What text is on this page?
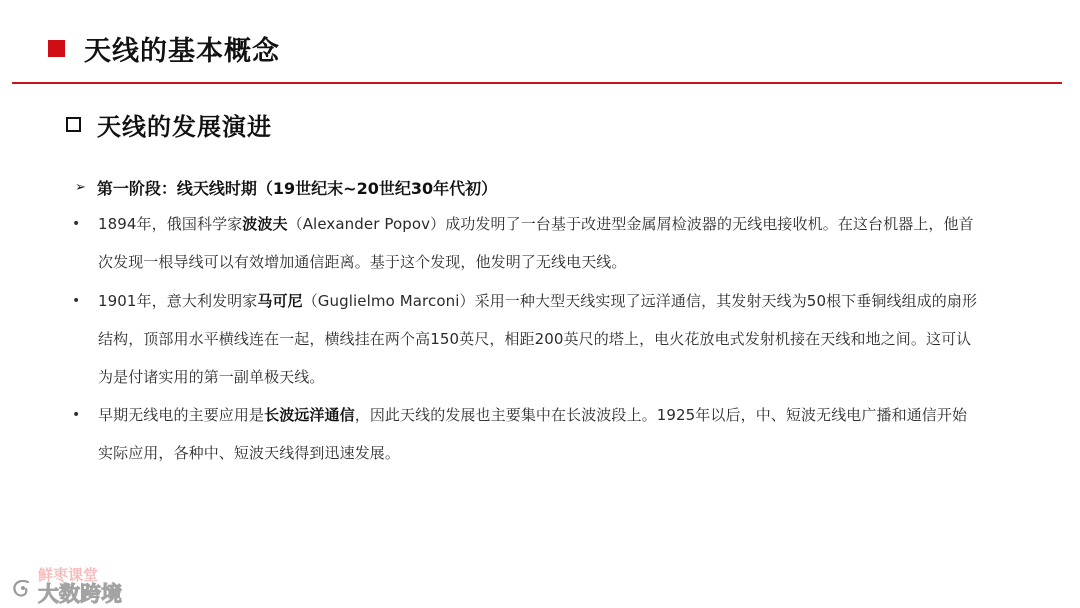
天线的基本概念
天线的发展演进
➢ 第一阶段：线天线时期（19世纪末~20世纪30年代初）
•	1894年，俄国科学家波波夫（Alexander Popov）成功发明了一台基于改进型金属屑检波器的无线电接收机。在这台机器上，他首
次发现一根导线可以有效增加通信距离。基于这个发现，他发明了无线电天线。
•	1901年，意大利发明家马可尼（Guglielmo Marconi）采用一种大型天线实现了远洋通信，其发射天线为50根下垂铜线组成的扇形
结构，顶部用水平横线连在一起，横线挂在两个高150英尺，相距200英尺的塔上，电火花放电式发射机接在天线和地之间。这可认
为是付诸实用的第一副单极天线。
•	早期无线电的主要应用是长波远洋通信，因此天线的发展也主要集中在长波波段上。1925年以后，中、短波无线电广播和通信开始
实际应用，各种中、短波天线得到迅速发展。
鲜枣课堂
大数跨境
